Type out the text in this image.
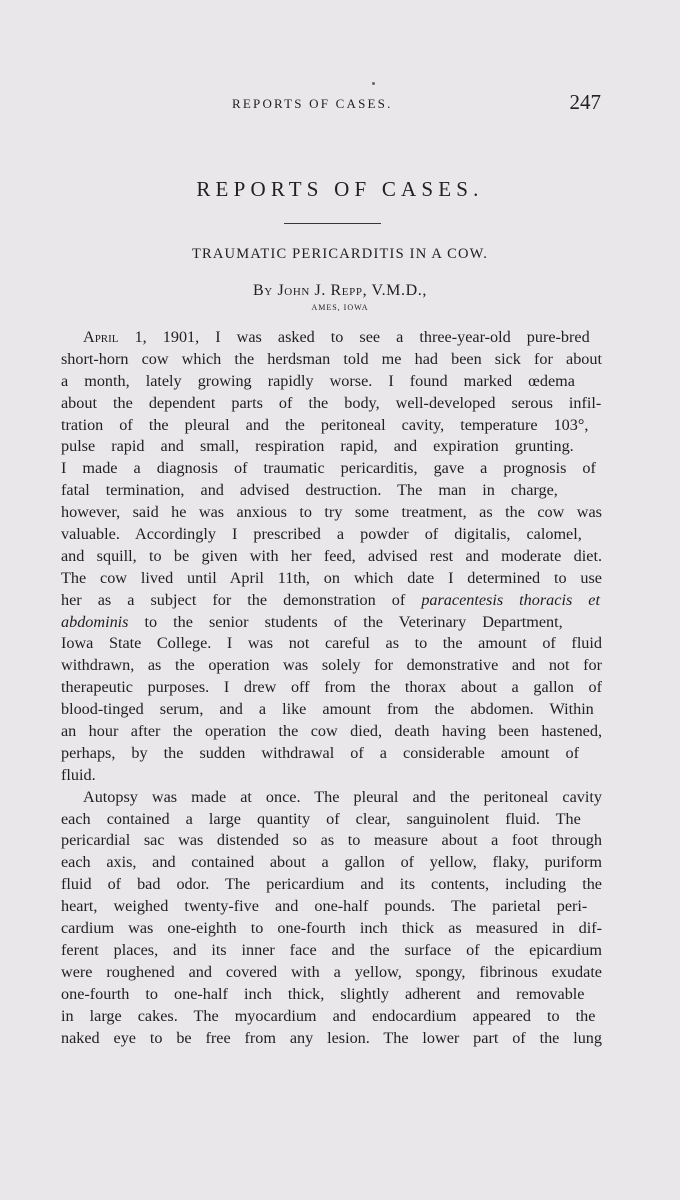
REPORTS OF CASES.	247
REPORTS OF CASES.
TRAUMATIC PERICARDITIS IN A COW.
By John J. Repp, V.M.D.,
AMES, IOWA
April 1, 1901, I was asked to see a three-year-old pure-bred
short-horn cow which the herdsman told me had been sick for about
a month, lately growing rapidly worse. I found marked œdema
about the dependent parts of the body, well-developed serous infil-
tration of the pleural and the peritoneal cavity, temperature 103°,
pulse rapid and small, respiration rapid, and expiration grunting.
I made a diagnosis of traumatic pericarditis, gave a prognosis of
fatal termination, and advised destruction. The man in charge,
however, said he was anxious to try some treatment, as the cow was
valuable. Accordingly I prescribed a powder of digitalis, calomel,
and squill, to be given with her feed, advised rest and moderate diet.
The cow lived until April 11th, on which date I determined to use
her as a subject for the demonstration of paracentesis thoracis et
abdominis to the senior students of the Veterinary Department,
Iowa State College. I was not careful as to the amount of fluid
withdrawn, as the operation was solely for demonstrative and not for
therapeutic purposes. I drew off from the thorax about a gallon of
blood-tinged serum, and a like amount from the abdomen. Within
an hour after the operation the cow died, death having been hastened,
perhaps, by the sudden withdrawal of a considerable amount of
fluid.
Autopsy was made at once. The pleural and the peritoneal cavity
each contained a large quantity of clear, sanguinolent fluid. The
pericardial sac was distended so as to measure about a foot through
each axis, and contained about a gallon of yellow, flaky, puriform
fluid of bad odor. The pericardium and its contents, including the
heart, weighed twenty-five and one-half pounds. The parietal peri-
cardium was one-eighth to one-fourth inch thick as measured in dif-
ferent places, and its inner face and the surface of the epicardium
were roughened and covered with a yellow, spongy, fibrinous exudate
one-fourth to one-half inch thick, slightly adherent and removable
in large cakes. The myocardium and endocardium appeared to the
naked eye to be free from any lesion. The lower part of the lung
